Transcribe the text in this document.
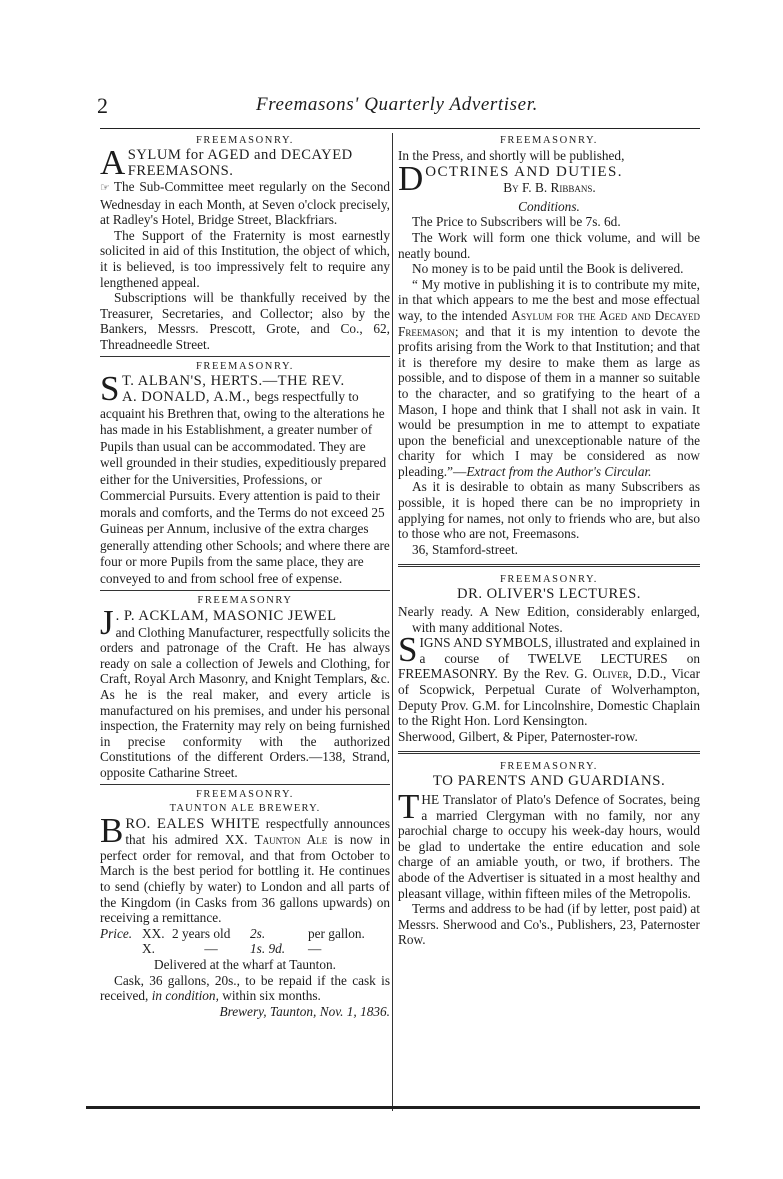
2	Freemasons' Quarterly Advertiser.
FREEMASONRY.
A SYLUM for AGED and DECAYED
FREEMASONS.

☞ The Sub-Committee meet regularly on the Second Wednesday in each Month, at Seven o'clock precisely, at Radley's Hotel, Bridge Street, Blackfriars.

The Support of the Fraternity is most earnestly solicited in aid of this Institution, the object of which, it is believed, is too impressively felt to require any lengthened appeal.

Subscriptions will be thankfully received by the Treasurer, Secretaries, and Collector; also by the Bankers, Messrs. Prescott, Grote, and Co., 62, Threadneedle Street.

FREEMASONRY.
S T. ALBAN'S, HERTS.—THE REV.
A. DONALD, A.M., begs respectfully to acquaint his Brethren that, owing to the alterations he has made in his Establishment, a greater number of Pupils than usual can be accommodated. They are well grounded in their studies, expeditiously prepared either for the Universities, Professions, or Commercial Pursuits. Every attention is paid to their morals and comforts, and the Terms do not exceed 25 Guineas per Annum, inclusive of the extra charges generally attending other Schools; and where there are four or more Pupils from the same place, they are conveyed to and from school free of expense.
FREEMASONRY
J . P. ACKLAM, MASONIC JEWEL
and Clothing Manufacturer, respectfully solicits the orders and patronage of the Craft. He has always ready on sale a collection of Jewels and Clothing, for Craft, Royal Arch Masonry, and Knight Templars, &c. As he is the real maker, and every article is manufactured on his premises, and under his personal inspection, the Fraternity may rely on being furnished in precise conformity with the authorized Constitutions of the different Orders.—138, Strand, opposite Catharine Street.
FREEMASONRY.
TAUNTON ALE BREWERY.
B RO. EALES WHITE respectfully announces that his admired XX. Taunton Ale is now in perfect order for removal, and that from October to March is the best period for bottling it. He continues to send (chiefly by water) to London and all parts of the Kingdom (in Casks from 36 gallons upwards) on receiving a remittance.
Price. XX. 2 years old	2s.	per gallon.
X.	—	1s. 9d.	—

Delivered at the wharf at Taunton.

Cask, 36 gallons, 20s., to be repaid if the cask is received, in condition, within six months.
Brewery, Taunton, Nov. 1, 1836.

FREEMASONRY.

In the Press, and shortly will be published,

D OCTRINES AND DUTIES.
By F. B. Ribbans.

Conditions.

The Price to Subscribers will be 7s. 6d.

The Work will form one thick volume, and will be neatly bound.

No money is to be paid until the Book is delivered.

“ My motive in publishing it is to contribute my mite, in that which appears to me the best and mose effectual way, to the intended Asylum for the Aged and Decayed Freemason; and that it is my intention to devote the profits arising from the Work to that Institution; and that it is therefore my desire to make them as large as possible, and to dispose of them in a manner so suitable to the character, and so gratifying to the heart of a Mason, I hope and think that I shall not ask in vain. It would be presumption in me to attempt to expatiate upon the beneficial and unexceptionable nature of the charity for which I may be considered as now pleading.”—Extract from the Author's Circular.

As it is desirable to obtain as many Subscribers as possible, it is hoped there can be no impropriety in applying for names, not only to friends who are, but also to those who are not, Freemasons.

36, Stamford-street.

FREEMASONRY.

DR. OLIVER'S LECTURES.

Nearly ready. A New Edition, considerably enlarged, with many additional Notes.

S IGNS AND SYMBOLS, illustrated and explained in a course of TWELVE LECTURES on FREEMASONRY. By the Rev. G. Oliver, D.D., Vicar of Scopwick, Perpetual Curate of Wolverhampton, Deputy Prov. G.M. for Lincolnshire, Domestic Chaplain to the Right Hon. Lord Kensington.

Sherwood, Gilbert, & Piper, Paternoster-row.

FREEMASONRY.

TO PARENTS AND GUARDIANS.

T HE Translator of Plato's Defence of Socrates, being a married Clergyman with no family, nor any parochial charge to occupy his week-day hours, would be glad to undertake the entire education and sole charge of an amiable youth, or two, if brothers. The abode of the Advertiser is situated in a most healthy and pleasant village, within fifteen miles of the Metropolis.

Terms and address to be had (if by letter, post paid) at Messrs. Sherwood and Co's., Publishers, 23, Paternoster Row.
